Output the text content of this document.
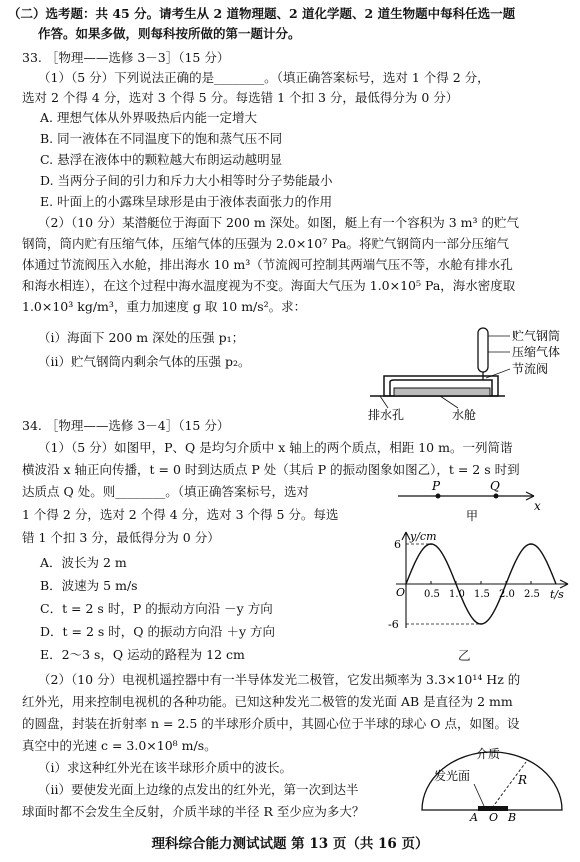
（二）选考题：共 45 分。请考生从 2 道物理题、2 道化学题、2 道生物题中每科任选一题
作答。如果多做，则每科按所做的第一题计分。
33. ［物理——选修 3－3］（15 分）
（1）（5 分）下列说法正确的是________。（填正确答案标号，选对 1 个得 2 分，
选对 2 个得 4 分，选对 3 个得 5 分。每选错 1 个扣 3 分，最低得分为 0 分）
A. 理想气体从外界吸热后内能一定增大
B. 同一液体在不同温度下的饱和蒸气压不同
C. 悬浮在液体中的颗粒越大布朗运动越明显
D. 当两分子间的引力和斥力大小相等时分子势能最小
E. 叶面上的小露珠呈球形是由于液体表面张力的作用
（2）（10 分）某潜艇位于海面下 200 m 深处。如图，艇上有一个容积为 3 m³ 的贮气
钢筒，筒内贮有压缩气体，压缩气体的压强为 2.0×10⁷ Pa。将贮气钢筒内一部分压缩气
体通过节流阀压入水舱，排出海水 10 m³（节流阀可控制其两端气压不等，水舱有排水孔
和海水相连），在这个过程中海水温度视为不变。海面大气压为 1.0×10⁵ Pa，海水密度取
1.0×10³ kg/m³，重力加速度 g 取 10 m/s²。求：
（i）海面下 200 m 深处的压强 p₁；
（ii）贮气钢筒内剩余气体的压强 p₂。
贮气钢筒
压缩气体
节流阀
排水孔	水舱
34. ［物理——选修 3－4］（15 分）
（1）（5 分）如图甲，P、Q 是均匀介质中 x 轴上的两个质点，相距 10 m。一列简谐
横波沿 x 轴正向传播，t = 0 时到达质点 P 处（其后 P 的振动图象如图乙），t = 2 s 时到
达质点 Q 处。则________。（填正确答案标号，选对
1 个得 2 分，选对 2 个得 4 分，选对 3 个得 5 分。每选
错 1 个扣 3 分，最低得分为 0 分）
A．波长为 2 m
B．波速为 5 m/s
C．t = 2 s 时，P 的振动方向沿 －y 方向
D．t = 2 s 时，Q 的振动方向沿 ＋y 方向
E．2～3 s，Q 运动的路程为 12 cm
P	Q
x
甲
y/cm
t/s
O
6
-6
0.5 1.0 1.5 2.0 2.5
乙
（2）（10 分）电视机遥控器中有一半导体发光二极管，它发出频率为 3.3×10¹⁴ Hz 的
红外光，用来控制电视机的各种功能。已知这种发光二极管的发光面 AB 是直径为 2 mm
的圆盘，封装在折射率 n = 2.5 的半球形介质中，其圆心位于半球的球心 O 点，如图。设
真空中的光速 c = 3.0×10⁸ m/s。
（i）求这种红外光在该半球形介质中的波长。
（ii）要使发光面上边缘的点发出的红外光，第一次到达半
球面时都不会发生全反射，介质半球的半径 R 至少应为多大？
介质
发光面	R
A O B
理科综合能力测试试题 第 13 页（共 16 页）
